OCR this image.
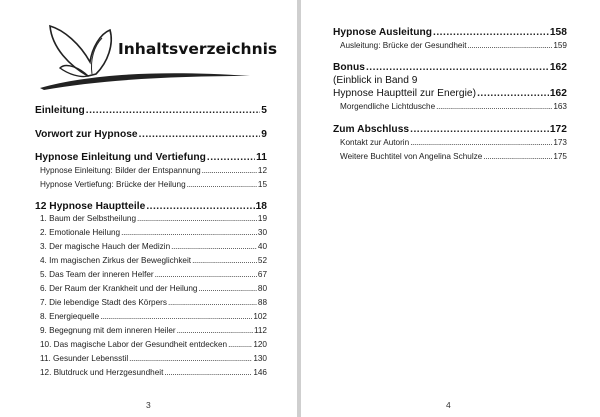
Inhaltsverzeichnis
Einleitung .....	5
Vorwort zur Hypnose .....	9
Hypnose Einleitung und Vertiefung .....	11
Hypnose Einleitung: Bilder der Entspannung .....	12
Hypnose Vertiefung: Brücke der Heilung .....	15
12 Hypnose Hauptteile .....	18
1. Baum der Selbstheilung .....	19
2. Emotionale Heilung .....	30
3. Der magische Hauch der Medizin .....	40
4. Im magischen Zirkus der Beweglichkeit .....	52
5. Das Team der inneren Helfer .....	67
6. Der Raum der Krankheit und der Heilung .....	80
7. Die lebendige Stadt des Körpers .....	88
8. Energiequelle .....	102
9. Begegnung mit dem inneren Heiler .....	112
10. Das magische Labor der Gesundheit entdecken .....	120
11. Gesunder Lebensstil .....	130
12. Blutdruck und Herzgesundheit .....	146
3
Hypnose Ausleitung .....	158
Ausleitung: Brücke der Gesundheit .....	159
Bonus .....	162
(Einblick in Band 9
Hypnose Hauptteil zur Energie) .....	162
Morgendliche Lichtdusche .....	163
Zum Abschluss .....	172
Kontakt zur Autorin .....	173
Weitere Buchtitel von Angelina Schulze .....	175
4
